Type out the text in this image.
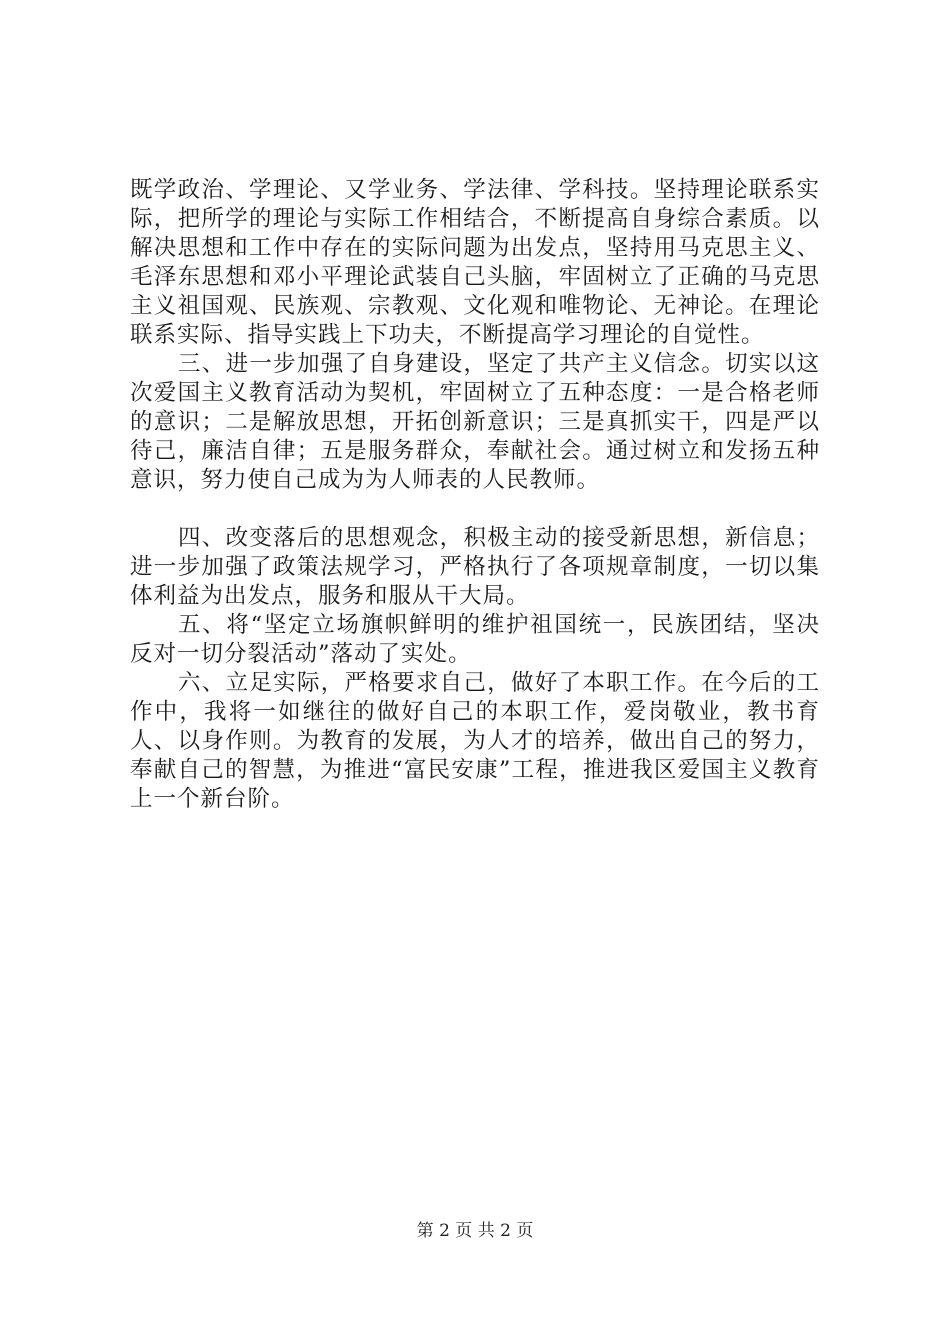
既学政治、学理论、又学业务、学法律、学科技。坚持理论联系实际，把所学的理论与实际工作相结合，不断提高自身综合素质。以解决思想和工作中存在的实际问题为出发点，坚持用马克思主义、毛泽东思想和邓小平理论武装自己头脑，牢固树立了正确的马克思主义祖国观、民族观、宗教观、文化观和唯物论、无神论。在理论联系实际、指导实践上下功夫，不断提高学习理论的自觉性。

三、进一步加强了自身建设，坚定了共产主义信念。切实以这次爱国主义教育活动为契机，牢固树立了五种态度：一是合格老师的意识；二是解放思想，开拓创新意识；三是真抓实干，四是严以待己，廉洁自律；五是服务群众，奉献社会。通过树立和发扬五种意识，努力使自己成为为人师表的人民教师。

四、改变落后的思想观念，积极主动的接受新思想，新信息；进一步加强了政策法规学习，严格执行了各项规章制度，一切以集体利益为出发点，服务和服从干大局。

五、将“坚定立场旗帜鲜明的维护祖国统一，民族团结，坚决反对一切分裂活动”落动了实处。

六、立足实际，严格要求自己，做好了本职工作。在今后的工作中，我将一如继往的做好自己的本职工作，爱岗敬业，教书育人、以身作则。为教育的发展，为人才的培养，做出自己的努力，奉献自己的智慧，为推进“富民安康”工程，推进我区爱国主义教育上一个新台阶。

第 2 页 共 2 页
